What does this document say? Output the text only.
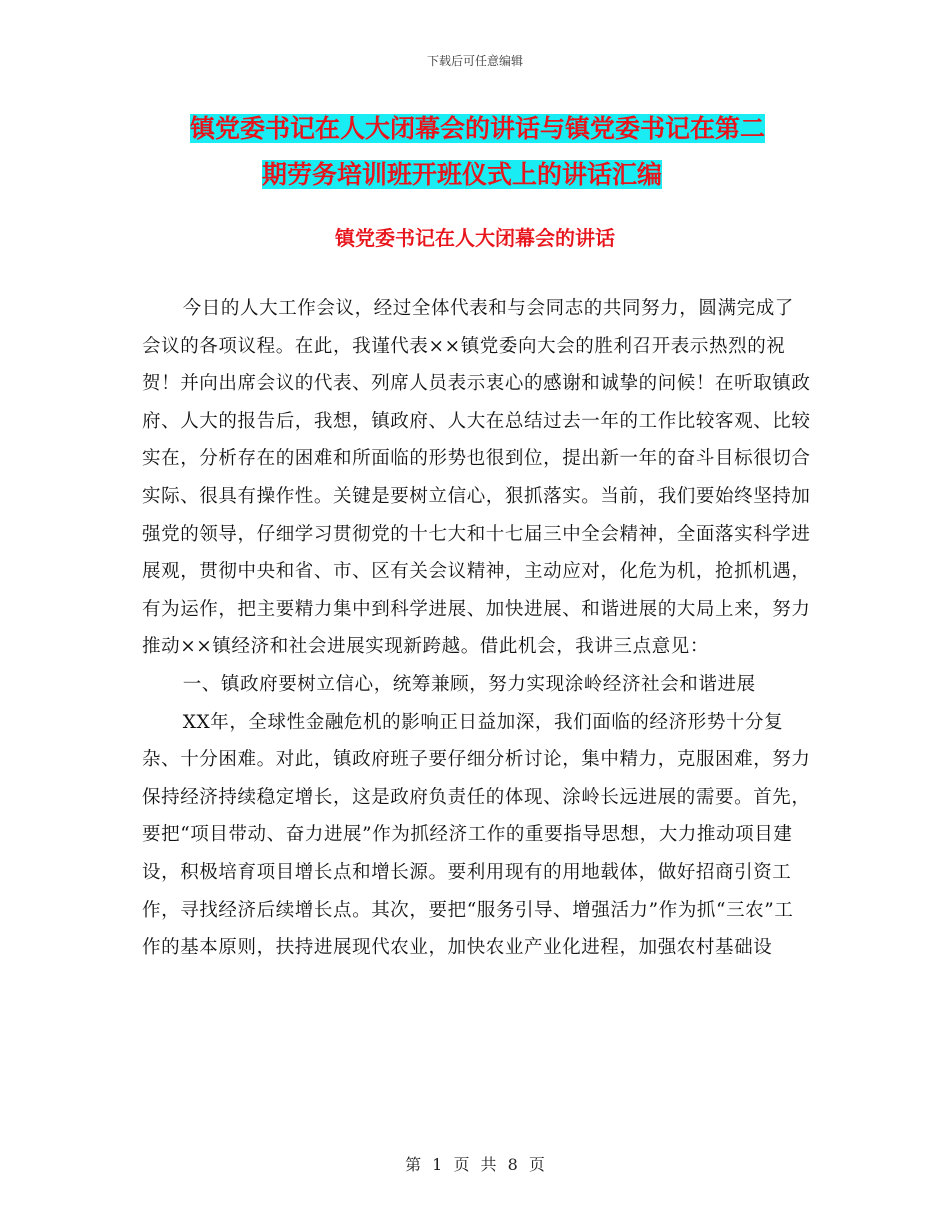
下载后可任意编辑
镇党委书记在人大闭幕会的讲话与镇党委书记在第二
期劳务培训班开班仪式上的讲话汇编
镇党委书记在人大闭幕会的讲话

今日的人大工作会议，经过全体代表和与会同志的共同努力，圆满完成了会议的各项议程。在此，我谨代表××镇党委向大会的胜利召开表示热烈的祝贺！并向出席会议的代表、列席人员表示衷心的感谢和诚挚的问候！在听取镇政府、人大的报告后，我想，镇政府、人大在总结过去一年的工作比较客观、比较实在，分析存在的困难和所面临的形势也很到位，提出新一年的奋斗目标很切合实际、很具有操作性。关键是要树立信心，狠抓落实。当前，我们要始终坚持加强党的领导，仔细学习贯彻党的十七大和十七届三中全会精神，全面落实科学进展观，贯彻中央和省、市、区有关会议精神，主动应对，化危为机，抢抓机遇，有为运作，把主要精力集中到科学进展、加快进展、和谐进展的大局上来，努力推动××镇经济和社会进展实现新跨越。借此机会，我讲三点意见：

一、镇政府要树立信心，统筹兼顾，努力实现涂岭经济社会和谐进展

XX年，全球性金融危机的影响正日益加深，我们面临的经济形势十分复杂、十分困难。对此，镇政府班子要仔细分析讨论，集中精力，克服困难，努力保持经济持续稳定增长，这是政府负责任的体现、涂岭长远进展的需要。首先，要把“项目带动、奋力进展”作为抓经济工作的重要指导思想，大力推动项目建设，积极培育项目增长点和增长源。要利用现有的用地载体，做好招商引资工作，寻找经济后续增长点。其次，要把“服务引导、增强活力”作为抓“三农”工作的基本原则，扶持进展现代农业，加快农业产业化进程，加强农村基础设

第 1 页 共 8 页
